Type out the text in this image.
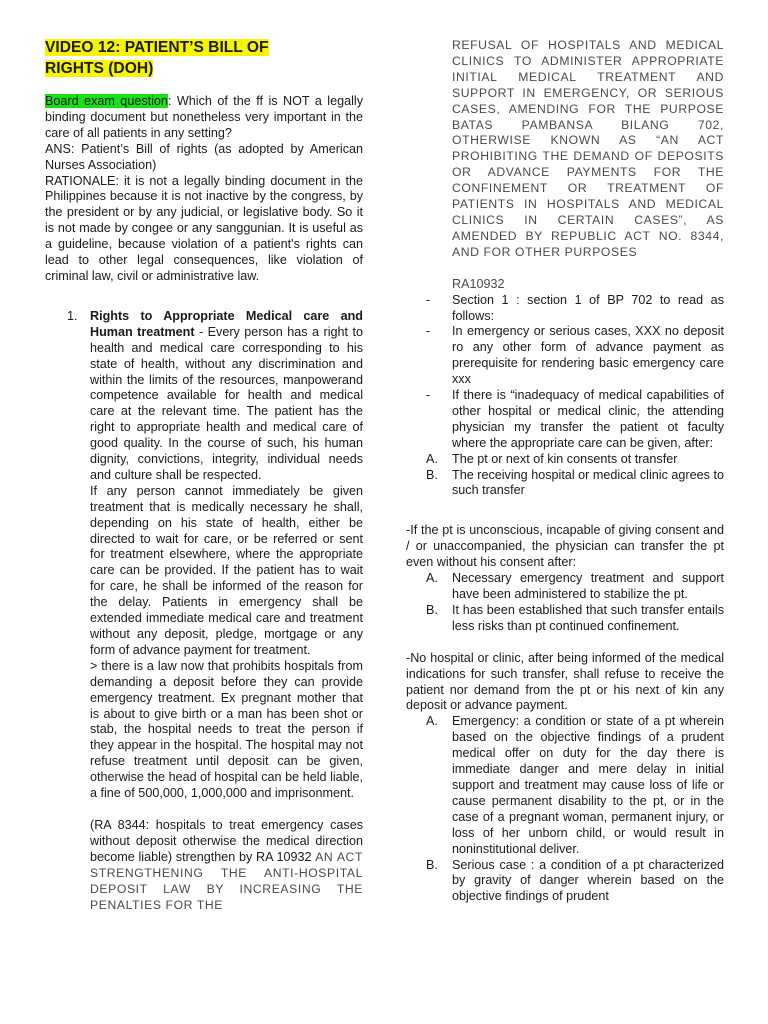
VIDEO 12: PATIENT’S BILL OF
RIGHTS (DOH)

Board exam question: Which of the ff is NOT a legally binding document but nonetheless very important in the care of all patients in any setting?

ANS: Patient’s Bill of rights (as adopted by American Nurses Association)

RATIONALE: it is not a legally binding document in the Philippines because it is not inactive by the congress, by the president or by any judicial, or legislative body. So it is not made by congee or any sanggunian. It is useful as a guideline, because violation of a patient's rights can lead to other legal consequences, like violation of criminal law, civil or administrative law.

1. Rights to Appropriate Medical care and Human treatment - Every person has a right to health and medical care corresponding to his state of health, without any discrimination and within the limits of the resources, manpowerand competence available for health and medical care at the relevant time. The patient has the right to appropriate health and medical care of good quality. In the course of such, his human dignity, convictions, integrity, individual needs and culture shall be respected.

If any person cannot immediately be given treatment that is medically necessary he shall, depending on his state of health, either be directed to wait for care, or be referred or sent for treatment elsewhere, where the appropriate care can be provided. If the patient has to wait for care, he shall be informed of the reason for the delay. Patients in emergency shall be extended immediate medical care and treatment without any deposit, pledge, mortgage or any form of advance payment for treatment.

> there is a law now that prohibits hospitals from demanding a deposit before they can provide emergency treatment. Ex pregnant mother that is about to give birth or a man has been shot or stab, the hospital needs to treat the person if they appear in the hospital. The hospital may not refuse treatment until deposit can be given, otherwise the head of hospital can be held liable, a fine of 500,000, 1,000,000 and imprisonment.

(RA 8344: hospitals to treat emergency cases without deposit otherwise the medical direction become liable) strengthen by RA 10932 AN ACT STRENGTHENING THE ANTI-HOSPITAL DEPOSIT LAW BY INCREASING THE PENALTIES FOR THE

REFUSAL OF HOSPITALS AND MEDICAL CLINICS TO ADMINISTER APPROPRIATE INITIAL MEDICAL TREATMENT AND SUPPORT IN EMERGENCY, OR SERIOUS CASES, AMENDING FOR THE PURPOSE BATAS PAMBANSA BILANG 702, OTHERWISE KNOWN AS “AN ACT PROHIBITING THE DEMAND OF DEPOSITS OR ADVANCE PAYMENTS FOR THE CONFINEMENT OR TREATMENT OF PATIENTS IN HOSPITALS AND MEDICAL CLINICS IN CERTAIN CASES”, AS AMENDED BY REPUBLIC ACT NO. 8344, AND FOR OTHER PURPOSES

RA10932

- Section 1 : section 1 of BP 702 to read as follows:

- In emergency or serious cases, XXX no deposit ro any other form of advance payment as prerequisite for rendering basic emergency care xxx

- If there is “inadequacy of medical capabilities of other hospital or medical clinic, the attending physician my transfer the patient ot faculty where the appropriate care can be given, after:

A. The pt or next of kin consents ot transfer

B. The receiving hospital or medical clinic agrees to such transfer

-If the pt is unconscious, incapable of giving consent and / or unaccompanied, the physician can transfer the pt even without his consent after:

A. Necessary emergency treatment and support have been administered to stabilize the pt.

B. It has been established that such transfer entails less risks than pt continued confinement.

-No hospital or clinic, after being informed of the medical indications for such transfer, shall refuse to receive the patient nor demand from the pt or his next of kin any deposit or advance payment.

A. Emergency: a condition or state of a pt wherein based on the objective findings of a prudent medical offer on duty for the day there is immediate danger and mere delay in initial support and treatment may cause loss of life or cause permanent disability to the pt, or in the case of a pregnant woman, permanent injury, or loss of her unborn child, or would result in noninstitutional deliver.

B. Serious case : a condition of a pt characterized by gravity of danger wherein based on the objective findings of prudent
